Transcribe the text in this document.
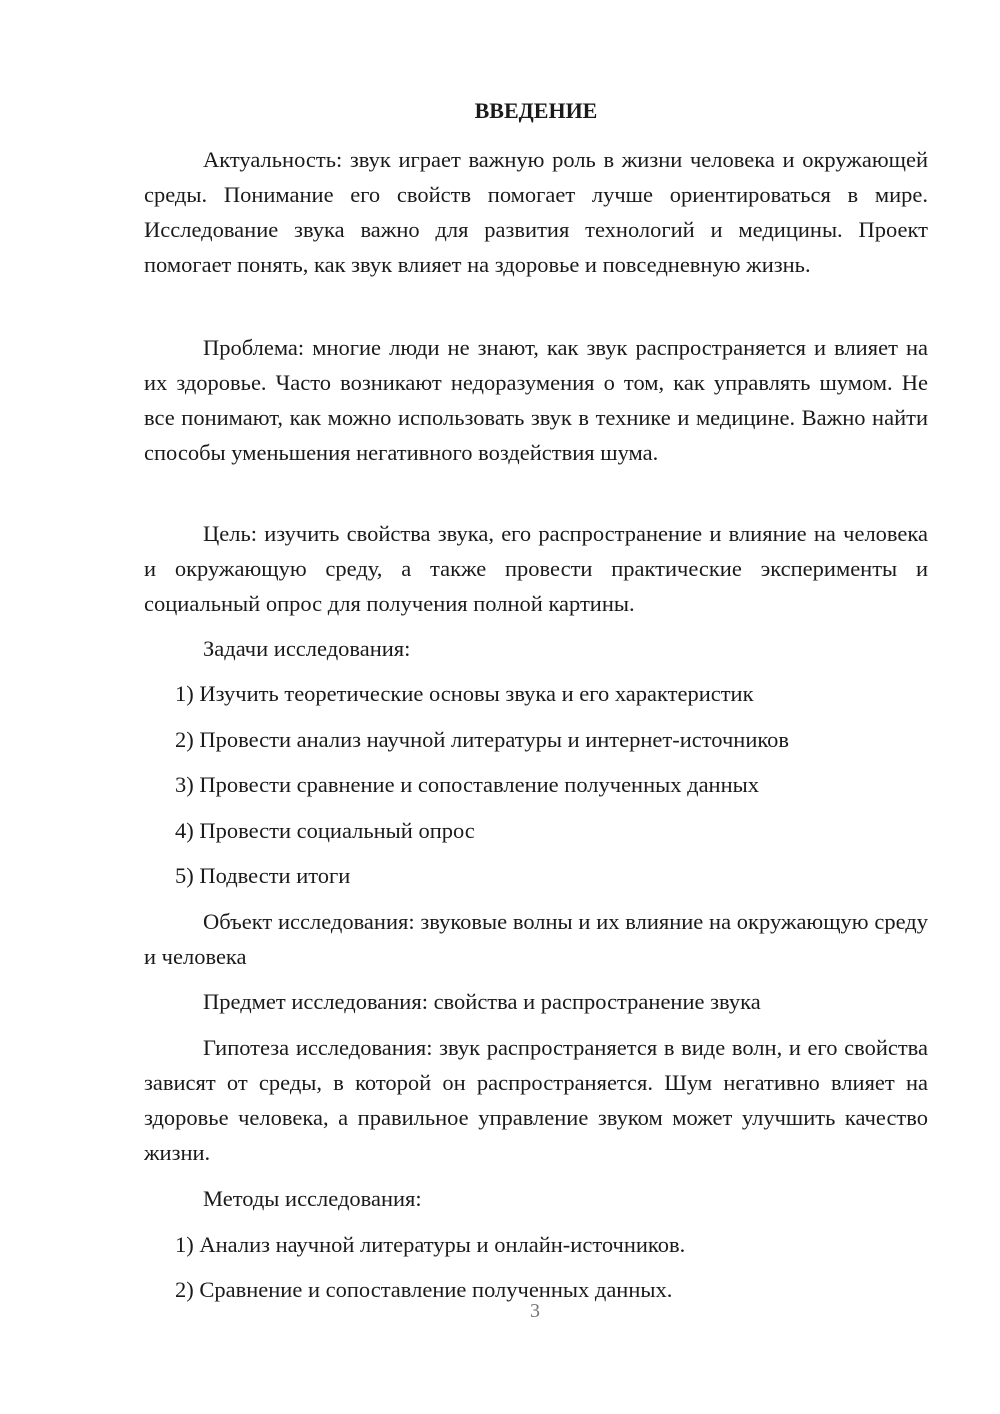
ВВЕДЕНИЕ

Актуальность: звук играет важную роль в жизни человека и окружающей среды. Понимание его свойств помогает лучше ориентироваться в мире. Исследование звука важно для развития технологий и медицины. Проект помогает понять, как звук влияет на здоровье и повседневную жизнь.

Проблема: многие люди не знают, как звук распространяется и влияет на их здоровье. Часто возникают недоразумения о том, как управлять шумом. Не все понимают, как можно использовать звук в технике и медицине. Важно найти способы уменьшения негативного воздействия шума.

Цель: изучить свойства звука, его распространение и влияние на человека и окружающую среду, а также провести практические эксперименты и социальный опрос для получения полной картины.

Задачи исследования:

1) Изучить теоретические основы звука и его характеристик

2) Провести анализ научной литературы и интернет-источников

3) Провести сравнение и сопоставление полученных данных

4) Провести социальный опрос

5) Подвести итоги

Объект исследования: звуковые волны и их влияние на окружающую среду и человека

Предмет исследования: свойства и распространение звука

Гипотеза исследования: звук распространяется в виде волн, и его свойства зависят от среды, в которой он распространяется. Шум негативно влияет на здоровье человека, а правильное управление звуком может улучшить качество жизни.

Методы исследования:

1) Анализ научной литературы и онлайн-источников.

2) Сравнение и сопоставление полученных данных.

3
